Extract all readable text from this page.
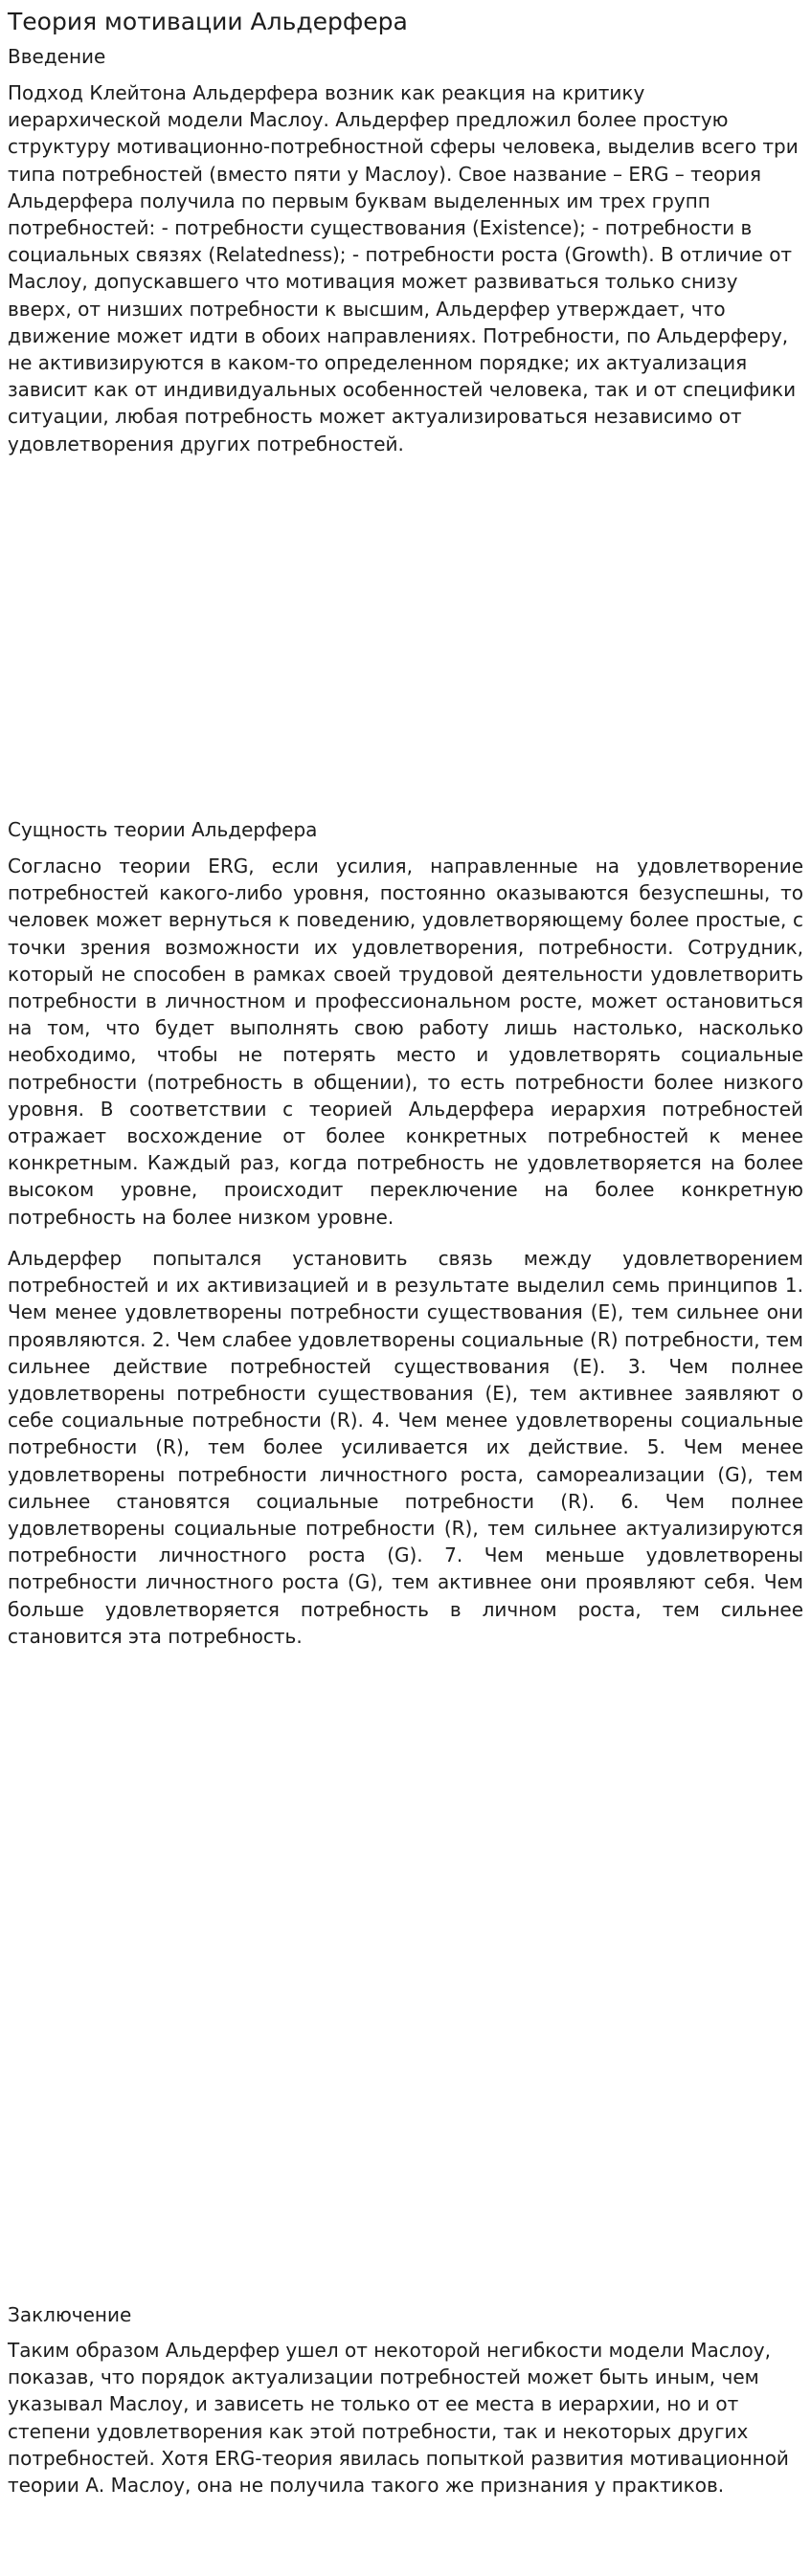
Теория мотивации Альдерфера
Введение

Подход Клейтона Альдерфера возник как реакция на критику иерархической модели Маслоу. Альдерфер предложил более простую структуру мотивационно-потребностной сферы человека, выделив всего три типа потребностей (вместо пяти у Маслоу). Свое название – ERG – теория Альдерфера получила по первым буквам выделенных им трех групп потребностей: - потребности существования (Existence); - потребности в социальных связях (Relatedness); - потребности роста (Growth). В отличие от Маслоу, допускавшего что мотивация может развиваться только снизу вверх, от низших потребности к высшим, Альдерфер утверждает, что движение может идти в обоих направлениях. Потребности, по Альдерферу, не активизируются в каком-то определенном порядке; их актуализация зависит как от индивидуальных особенностей человека, так и от специфики ситуации, любая потребность может актуализироваться независимо от удовлетворения других потребностей.

Сущность теории Альдерфера

Согласно теории ERG, если усилия, направленные на удовлетворение потребностей какого-либо уровня, постоянно оказываются безуспешны, то человек может вернуться к поведению, удовлетворяющему более простые, с точки зрения возможности их удовлетворения, потребности. Сотрудник, который не способен в рамках своей трудовой деятельности удовлетворить потребности в личностном и профессиональном росте, может остановиться на том, что будет выполнять свою работу лишь настолько, насколько необходимо, чтобы не потерять место и удовлетворять социальные потребности (потребность в общении), то есть потребности более низкого уровня. В соответствии с теорией Альдерфера иерархия потребностей отражает восхождение от более конкретных потребностей к менее конкретным. Каждый раз, когда потребность не удовлетворяется на более высоком уровне, происходит переключение на более конкретную потребность на более низком уровне.

Альдерфер попытался установить связь между удовлетворением потребностей и их активизацией и в результате выделил семь принципов 1. Чем менее удовлетворены потребности существования (E), тем сильнее они проявляются. 2. Чем слабее удовлетворены социальные (R) потребности, тем сильнее действие потребностей существования (E). 3. Чем полнее удовлетворены потребности существования (E), тем активнее заявляют о себе социальные потребности (R). 4. Чем менее удовлетворены социальные потребности (R), тем более усиливается их действие. 5. Чем менее удовлетворены потребности личностного роста, самореализации (G), тем сильнее становятся социальные потребности (R). 6. Чем полнее удовлетворены социальные потребности (R), тем сильнее актуализируются потребности личностного роста (G). 7. Чем меньше удовлетворены потребности личностного роста (G), тем активнее они проявляют себя. Чем больше удовлетворяется потребность в личном роста, тем сильнее становится эта потребность.

Заключение

Таким образом Альдерфер ушел от некоторой негибкости модели Маслоу, показав, что порядок актуализации потребностей может быть иным, чем указывал Маслоу, и зависеть не только от ее места в иерархии, но и от степени удовлетворения как этой потребности, так и некоторых других потребностей. Хотя ERG-теория явилась попыткой развития мотивационной теории А. Маслоу, она не получила такого же признания у практиков.
